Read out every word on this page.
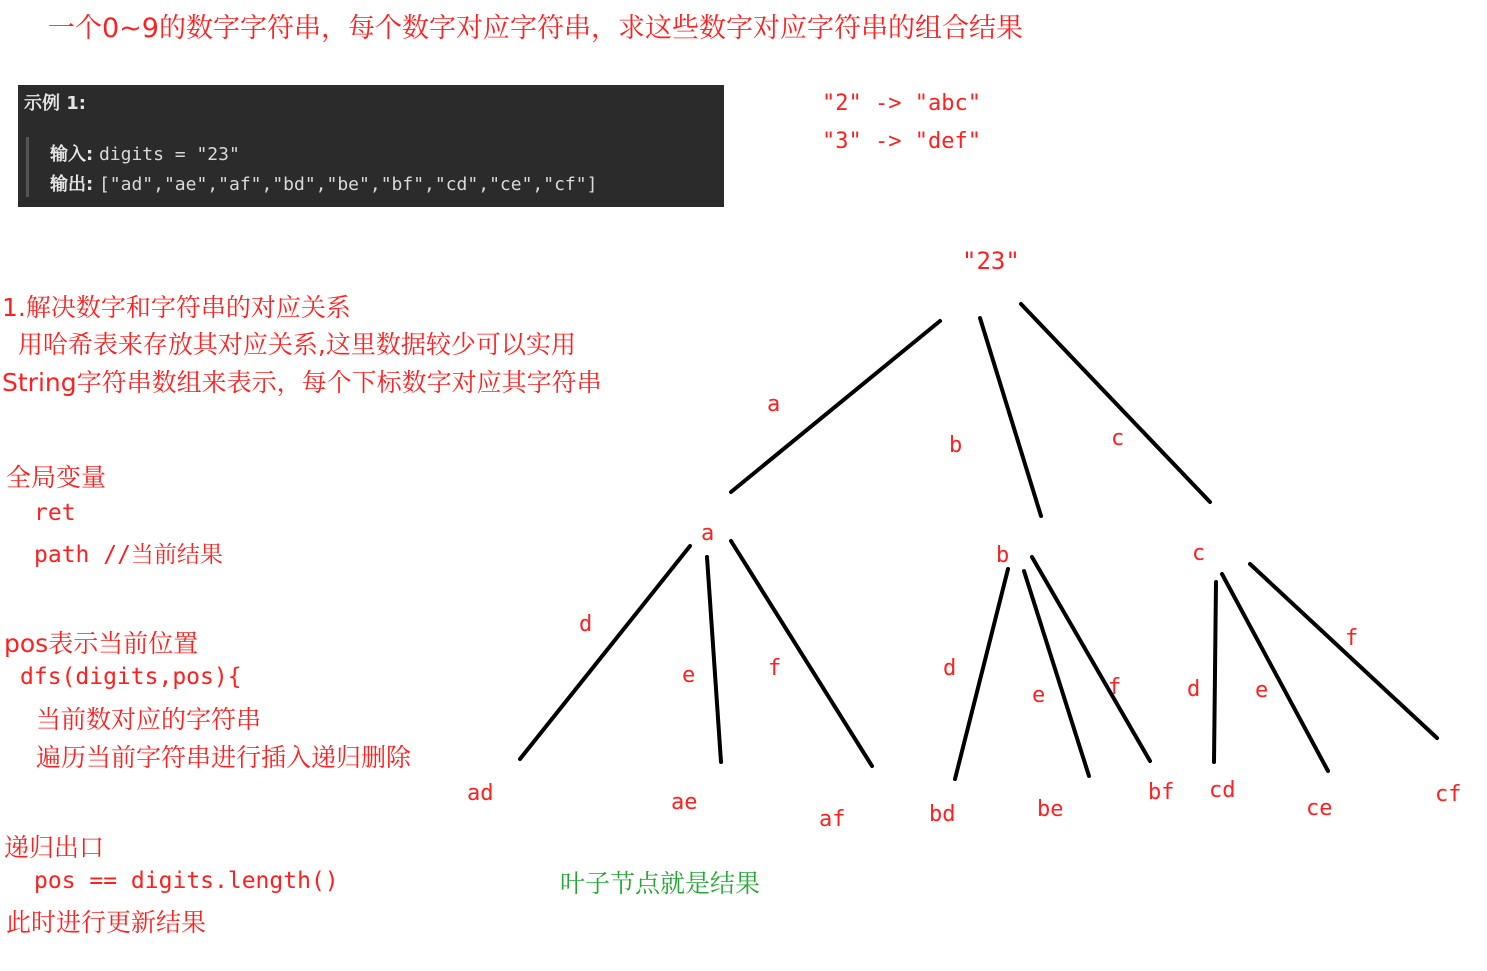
一个0~9的数字字符串，每个数字对应字符串，求这些数字对应字符串的组合结果
示例 1:
输入: digits = "23"
输出: ["ad","ae","af","bd","be","bf","cd","ce","cf"]
"2" -> "abc"
"3" -> "def"
1.解决数字和字符串的对应关系
用哈希表来存放其对应关系,这里数据较少可以实用
String字符串数组来表示，每个下标数字对应其字符串
全局变量
ret
path //当前结果
pos表示当前位置
dfs(digits,pos){
当前数对应的字符串
遍历当前字符串进行插入递归删除
递归出口
pos == digits.length()
此时进行更新结果
叶子节点就是结果
"23"
a
b	c
a
b	c
d
e	f	d
e	f	d e
f
ad	ae
af	bd	be
bf cd
ce
cf
